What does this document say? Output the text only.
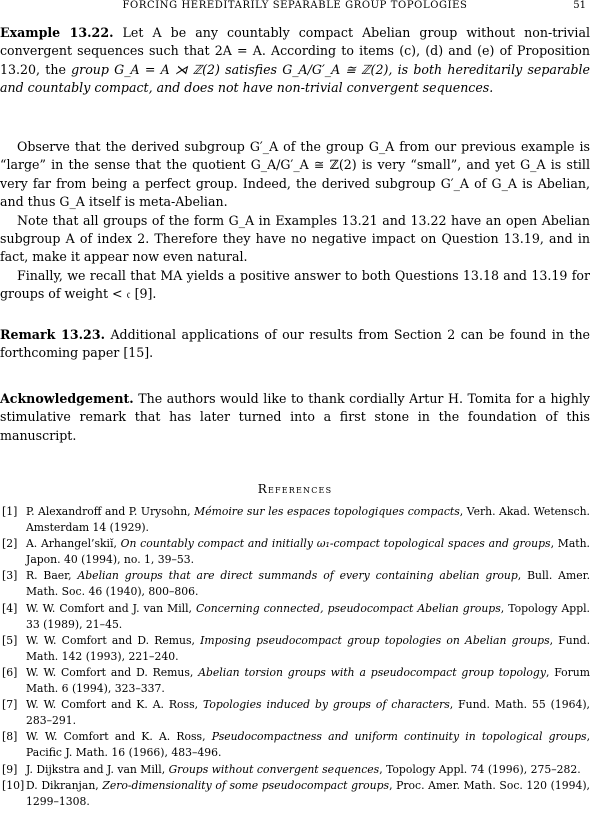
FORCING HEREDITARILY SEPARABLE GROUP TOPOLOGIES	51

Example 13.22. Let A be any countably compact Abelian group without non-trivial convergent sequences such that 2A = A. According to items (c), (d) and (e) of Proposition 13.20, the group G_A = A ⋊ ℤ(2) satisfies G_A/G′_A ≅ ℤ(2), is both hereditarily separable and countably compact, and does not have non-trivial convergent sequences.

Observe that the derived subgroup G′_A of the group G_A from our previous example is “large” in the sense that the quotient G_A/G′_A ≅ ℤ(2) is very “small”, and yet G_A is still very far from being a perfect group. Indeed, the derived subgroup G′_A of G_A is Abelian, and thus G_A itself is meta-Abelian.

Note that all groups of the form G_A in Examples 13.21 and 13.22 have an open Abelian subgroup A of index 2. Therefore they have no negative impact on Question 13.19, and in fact, make it appear now even natural.

Finally, we recall that MA yields a positive answer to both Questions 13.18 and 13.19 for groups of weight < 𝔠 [9].

Remark 13.23. Additional applications of our results from Section 2 can be found in the forthcoming paper [15].

Acknowledgement. The authors would like to thank cordially Artur H. Tomita for a highly stimulative remark that has later turned into a first stone in the foundation of this manuscript.

References
[1] P. Alexandroff and P. Urysohn, Mémoire sur les espaces topologiques compacts, Verh. Akad. Wetensch. Amsterdam 14 (1929).
[2] A. Arhangel’skiĭ, On countably compact and initially ω₁-compact topological spaces and groups, Math. Japon. 40 (1994), no. 1, 39–53.
[3] R. Baer, Abelian groups that are direct summands of every containing abelian group, Bull. Amer. Math. Soc. 46 (1940), 800–806.
[4] W. W. Comfort and J. van Mill, Concerning connected, pseudocompact Abelian groups, Topology Appl. 33 (1989), 21–45.
[5] W. W. Comfort and D. Remus, Imposing pseudocompact group topologies on Abelian groups, Fund. Math. 142 (1993), 221–240.
[6] W. W. Comfort and D. Remus, Abelian torsion groups with a pseudocompact group topology, Forum Math. 6 (1994), 323–337.
[7] W. W. Comfort and K. A. Ross, Topologies induced by groups of characters, Fund. Math. 55 (1964), 283–291.
[8] W. W. Comfort and K. A. Ross, Pseudocompactness and uniform continuity in topological groups, Pacific J. Math. 16 (1966), 483–496.
[9] J. Dijkstra and J. van Mill, Groups without convergent sequences, Topology Appl. 74 (1996), 275–282.
[10] D. Dikranjan, Zero-dimensionality of some pseudocompact groups, Proc. Amer. Math. Soc. 120 (1994), 1299–1308.
